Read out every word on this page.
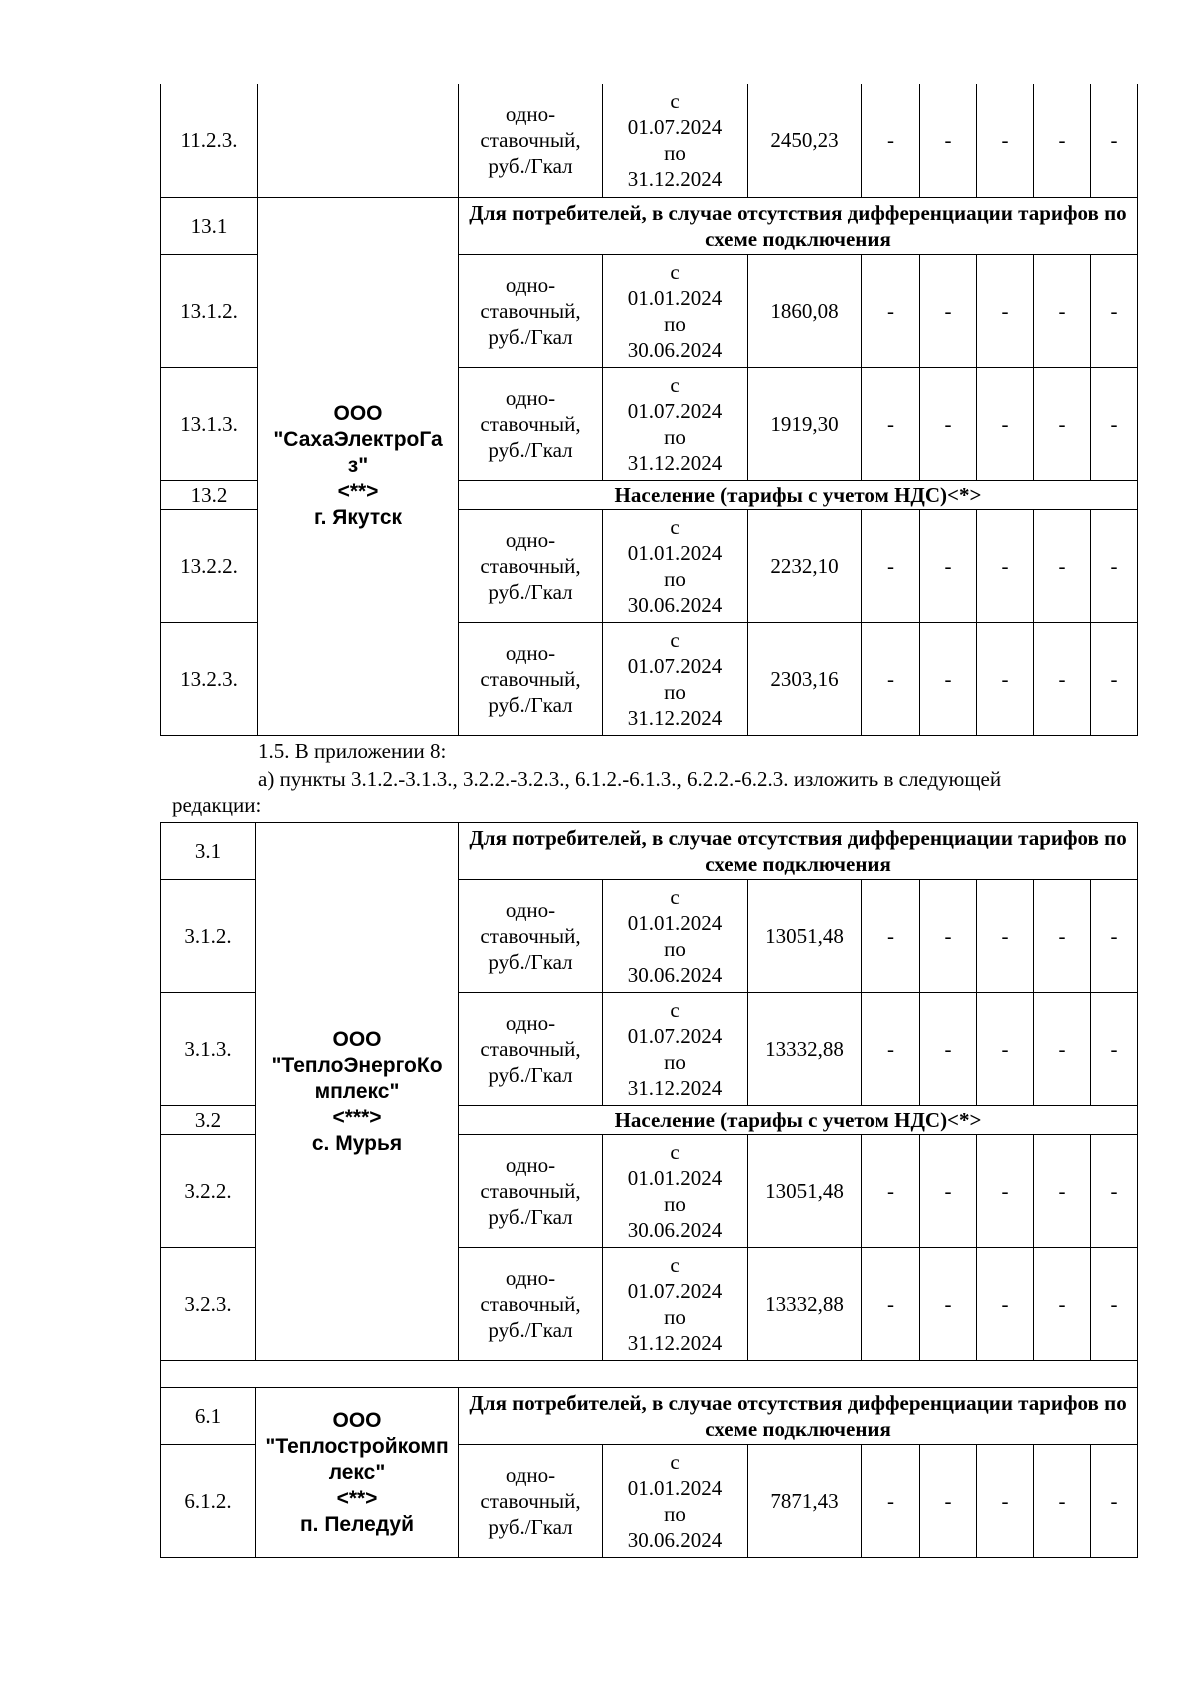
11.2.3.		одно-
ставочный,
руб./Гкал	с
01.07.2024
по
31.12.2024	2450,23	-	-	-	-	-
13.1	ООО
"СахаЭлектроГаз"
<**>
г. Якутск	Для потребителей, в случае отсутствия дифференциации тарифов по схеме подключения							
13.1.2.		одно-
ставочный,
руб./Гкал	с
01.01.2024
по
30.06.2024	1860,08	-	-	-	-	-
13.1.3.		одно-
ставочный,
руб./Гкал	с
01.07.2024
по
31.12.2024	1919,30	-	-	-	-	-
13.2		Население (тарифы с учетом НДС)<*>							
13.2.2.		одно-
ставочный,
руб./Гкал	с
01.01.2024
по
30.06.2024	2232,10	-	-	-	-	-
13.2.3.		одно-
ставочный,
руб./Гкал	с
01.07.2024
по
31.12.2024	2303,16	-	-	-	-	-
1.5. В приложении 8:
а) пункты 3.1.2.-3.1.3., 3.2.2.-3.2.3., 6.1.2.-6.1.3., 6.2.2.-6.2.3. изложить в следующей
редакции:
3.1	ООО
"ТеплоЭнергоКомплекс"
<***>
с. Мурья	Для потребителей, в случае отсутствия дифференциации тарифов по схеме подключения							
3.1.2.		одно-
ставочный,
руб./Гкал	с
01.01.2024
по
30.06.2024	13051,48	-	-	-	-	-
3.1.3.		одно-
ставочный,
руб./Гкал	с
01.07.2024
по
31.12.2024	13332,88	-	-	-	-	-
3.2		Население (тарифы с учетом НДС)<*>							
3.2.2.		одно-
ставочный,
руб./Гкал	с
01.01.2024
по
30.06.2024	13051,48	-	-	-	-	-
3.2.3.		одно-
ставочный,
руб./Гкал	с
01.07.2024
по
31.12.2024	13332,88	-	-	-	-	-

6.1	ООО
"Теплостройкомплекс"
<**>
п. Пеледуй	Для потребителей, в случае отсутствия дифференциации тарифов по схеме подключения							
6.1.2.		одно-
ставочный,
руб./Гкал	с
01.01.2024
по
30.06.2024	7871,43	-	-	-	-	-
